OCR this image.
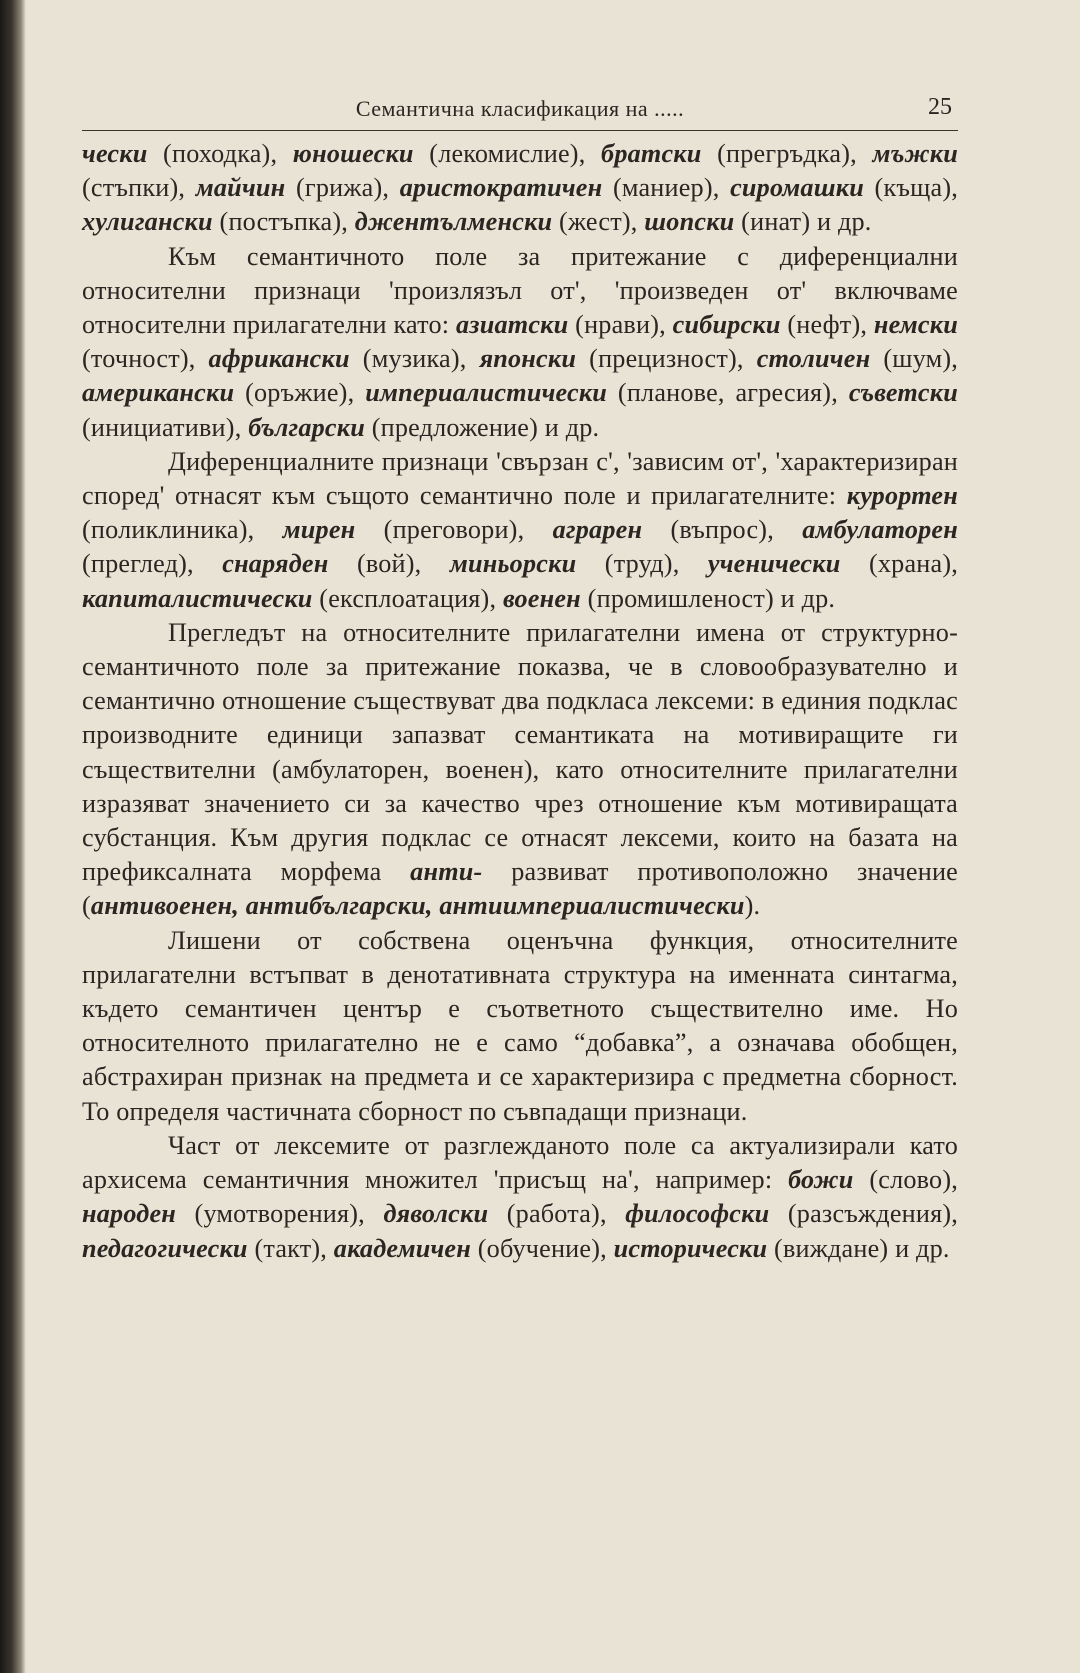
Семантична класификация на .....	25

чески (походка), юношески (лекомислие), братски (прегръдка), мъжки (стъпки), майчин (грижа), аристократичен (маниер), сиромашки (къща), хулигански (постъпка), джентълменски (жест), шопски (инат) и др.

Към семантичното поле за притежание с диференциални относителни признаци 'произлязъл от', 'произведен от' включваме относителни прилагателни като: азиатски (нрави), сибирски (нефт), немски (точност), африкански (музика), японски (прецизност), столичен (шум), американски (оръжие), империалистически (планове, агресия), съветски (инициативи), български (предложение) и др.

Диференциалните признаци 'свързан с', 'зависим от', 'характеризиран според' отнасят към същото семантично поле и прилагателните: курортен (поликлиника), мирен (преговори), аграрен (въпрос), амбулаторен (преглед), снаряден (вой), миньорски (труд), ученически (храна), капиталистически (експлоатация), военен (промишленост) и др.

Прегледът на относителните прилагателни имена от структурно-семантичното поле за притежание показва, че в словообразувателно и семантично отношение съществуват два подкласа лексеми: в единия подклас производните единици запазват семантиката на мотивиращите ги съществителни (амбулаторен, военен), като относителните прилагателни изразяват значението си за качество чрез отношение към мотивиращата субстанция. Към другия подклас се отнасят лексеми, които на базата на префиксалната морфема анти- развиват противоположно значение (антивоенен, антибългарски, антиимпериалистически).

Лишени от собствена оценъчна функция, относителните прилагателни встъпват в денотативната структура на именната синтагма, където семантичен център е съответното съществително име. Но относителното прилагателно не е само “добавка”, а означава обобщен, абстрахиран признак на предмета и се характеризира с предметна сборност. То определя частичната сборност по съвпадащи признаци.

Част от лексемите от разглежданото поле са актуализирали като архисема семантичния множител 'присъщ на', например: божи (слово), народен (умотворения), дяволски (работа), философски (разсъждения), педагогически (такт), академичен (обучение), исторически (виждане) и др.
